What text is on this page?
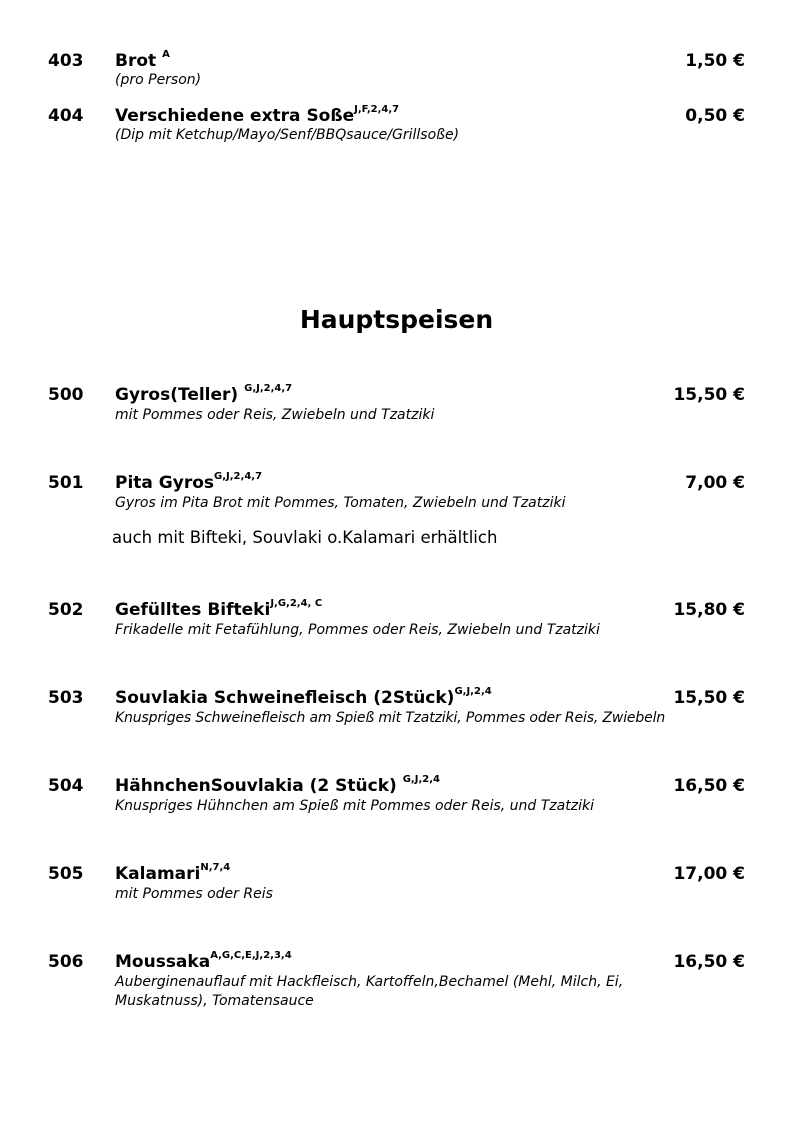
403 Brot $^A$	1,50 €
(pro Person)
404 Verschiedene extra Soße$^{J,F,2,4,7}$	0,50 €
(Dip mit Ketchup/Mayo/Senf/BBQsauce/Grillsoße)
Hauptspeisen
500 Gyros(Teller) $^{G,J,2,4,7}$	15,50 €
mit Pommes oder Reis, Zwiebeln und Tzatziki
501 Pita Gyros$^{G,J,2,4,7}$	7,00 €
Gyros im Pita Brot mit Pommes, Tomaten, Zwiebeln und Tzatziki
auch mit Bifteki, Souvlaki o.Kalamari erhältlich
502 Gefülltes Bifteki$^{J,G,2,4, C}$	15,80 €
Frikadelle mit Fetafühlung, Pommes oder Reis, Zwiebeln und Tzatziki
503 Souvlakia Schweinefleisch (2Stück)$^{G,J,2,4}$	15,50 €
Knuspriges Schweinefleisch am Spieß mit Tzatziki, Pommes oder Reis, Zwiebeln
504 HähnchenSouvlakia (2 Stück) $^{G,J,2,4}$	16,50 €
Knuspriges Hühnchen am Spieß mit Pommes oder Reis, und Tzatziki
505 Kalamari$^{N,7,4}$	17,00 €
mit Pommes oder Reis
506 Moussaka$^{A,G,C,E,J,2,3,4}$	16,50 €
Auberginenauflauf mit Hackfleisch, Kartoffeln,Bechamel (Mehl, Milch, Ei, Muskatnuss), Tomatensauce
